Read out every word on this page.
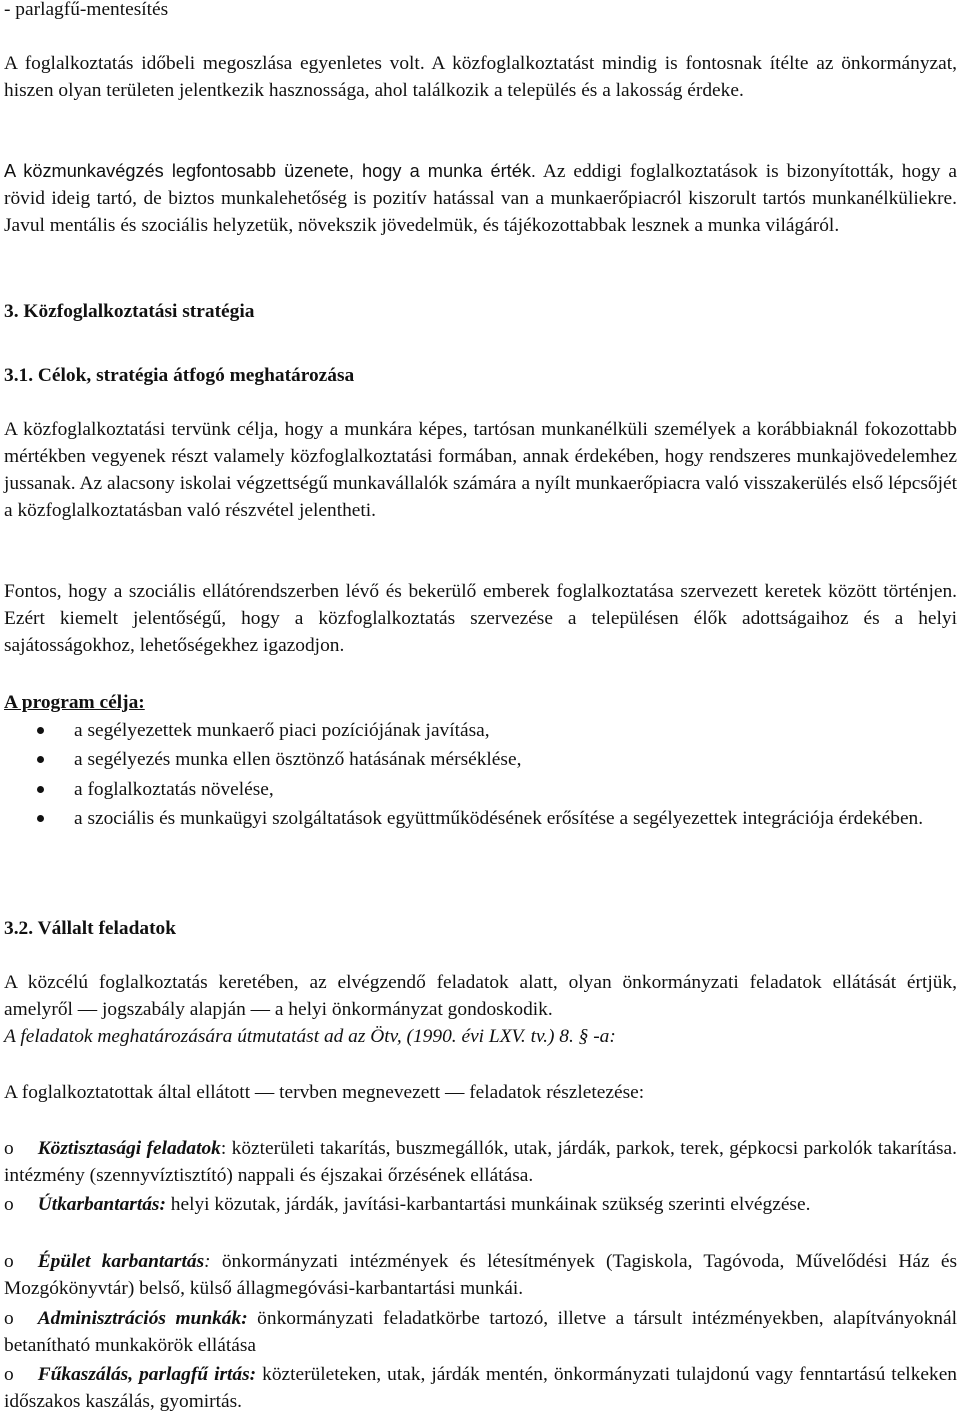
- parlagfű-mentesítés

A foglalkoztatás időbeli megoszlása egyenletes volt. A közfoglalkoztatást mindig is fontosnak ítélte az önkormányzat, hiszen olyan területen jelentkezik hasznossága, ahol találkozik a település és a lakosság érdeke.

A közmunkavégzés legfontosabb üzenete, hogy a munka érték. Az eddigi foglalkoztatások is bizonyították, hogy a rövid ideig tartó, de biztos munkalehetőség is pozitív hatással van a munkaerőpiacról kiszorult tartós munkanélküliekre. Javul mentális és szociális helyzetük, növekszik jövedelmük, és tájékozottabbak lesznek a munka világáról.

3. Közfoglalkoztatási stratégia

3.1. Célok, stratégia átfogó meghatározása

A közfoglalkoztatási tervünk célja, hogy a munkára képes, tartósan munkanélküli személyek a korábbiaknál fokozottabb mértékben vegyenek részt valamely közfoglalkoztatási formában, annak érdekében, hogy rendszeres munkajövedelemhez jussanak. Az alacsony iskolai végzettségű munkavállalók számára a nyílt munkaerőpiacra való visszakerülés első lépcsőjét a közfoglalkoztatásban való részvétel jelentheti.

Fontos, hogy a szociális ellátórendszerben lévő és bekerülő emberek foglalkoztatása szervezett keretek között történjen. Ezért kiemelt jelentőségű, hogy a közfoglalkoztatás szervezése a településen élők adottságaihoz és a helyi sajátosságokhoz, lehetőségekhez igazodjon.

A program célja:

a segélyezettek munkaerő piaci pozíciójának javítása,
a segélyezés munka ellen ösztönző hatásának mérséklése,
a foglalkoztatás növelése,
a szociális és munkaügyi szolgáltatások együttműködésének erősítése a segélyezettek integrációja érdekében.

3.2. Vállalt feladatok

A közcélú foglalkoztatás keretében, az elvégzendő feladatok alatt, olyan önkormányzati feladatok ellátását értjük, amelyről — jogszabály alapján — a helyi önkormányzat gondoskodik.

A feladatok meghatározására útmutatást ad az Ötv, (1990. évi LXV. tv.) 8. § -a:

A foglalkoztatottak által ellátott — tervben megnevezett — feladatok részletezése:

o Köztisztasági feladatok: közterületi takarítás, buszmegállók, utak, járdák, parkok, terek, gépkocsi parkolók takarítása. intézmény (szennyvíztisztító) nappali és éjszakai őrzésének ellátása.

o Útkarbantartás: helyi közutak, járdák, javítási-karbantartási munkáinak szükség szerinti elvégzése.

o Épület karbantartás: önkormányzati intézmények és létesítmények (Tagiskola, Tagóvoda, Művelődési Ház és Mozgókönyvtár) belső, külső állagmegóvási-karbantartási munkái.

o Adminisztrációs munkák: önkormányzati feladatkörbe tartozó, illetve a társult intézményekben, alapítványoknál betanítható munkakörök ellátása

o Fűkaszálás, parlagfű irtás: közterületeken, utak, járdák mentén, önkormányzati tulajdonú vagy fenntartású telkeken időszakos kaszálás, gyomirtás.
